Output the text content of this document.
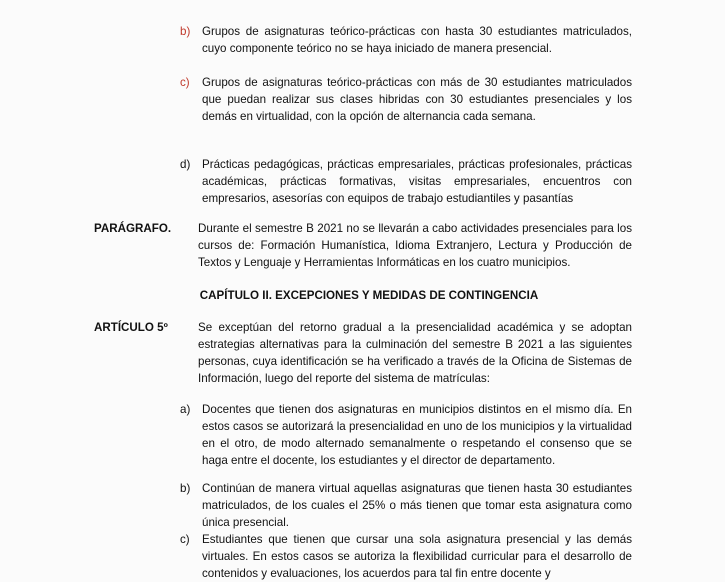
b)	Grupos de asignaturas teórico-prácticas con hasta 30 estudiantes matriculados, cuyo componente teórico no se haya iniciado de manera presencial.
c)	Grupos de asignaturas teórico-prácticas con más de 30 estudiantes matriculados que puedan realizar sus clases hibridas con 30 estudiantes presenciales y los demás en virtualidad, con la opción de alternancia cada semana.
d)	Prácticas pedagógicas, prácticas empresariales, prácticas profesionales, prácticas académicas, prácticas formativas, visitas empresariales, encuentros con empresarios, asesorías con equipos de trabajo estudiantiles y pasantías
PARÁGRAFO. Durante el semestre B 2021 no se llevarán a cabo actividades presenciales para los cursos de: Formación Humanística, Idioma Extranjero, Lectura y Producción de Textos y Lenguaje y Herramientas Informáticas en los cuatro municipios.
CAPÍTULO II. EXCEPCIONES Y MEDIDAS DE CONTINGENCIA
ARTÍCULO 5º	Se exceptúan del retorno gradual a la presencialidad académica y se adoptan estrategias alternativas para la culminación del semestre B 2021 a las siguientes personas, cuya identificación se ha verificado a través de la Oficina de Sistemas de Información, luego del reporte del sistema de matrículas:
a)	Docentes que tienen dos asignaturas en municipios distintos en el mismo día. En estos casos se autorizará la presencialidad en uno de los municipios y la virtualidad en el otro, de modo alternado semanalmente o respetando el consenso que se haga entre el docente, los estudiantes y el director de departamento.
b)	Continúan de manera virtual aquellas asignaturas que tienen hasta 30 estudiantes matriculados, de los cuales el 25% o más tienen que tomar esta asignatura como única presencial.
c)	Estudiantes que tienen que cursar una sola asignatura presencial y las demás virtuales. En estos casos se autoriza la flexibilidad curricular para el desarrollo de contenidos y evaluaciones, los acuerdos para tal fin entre docente y
